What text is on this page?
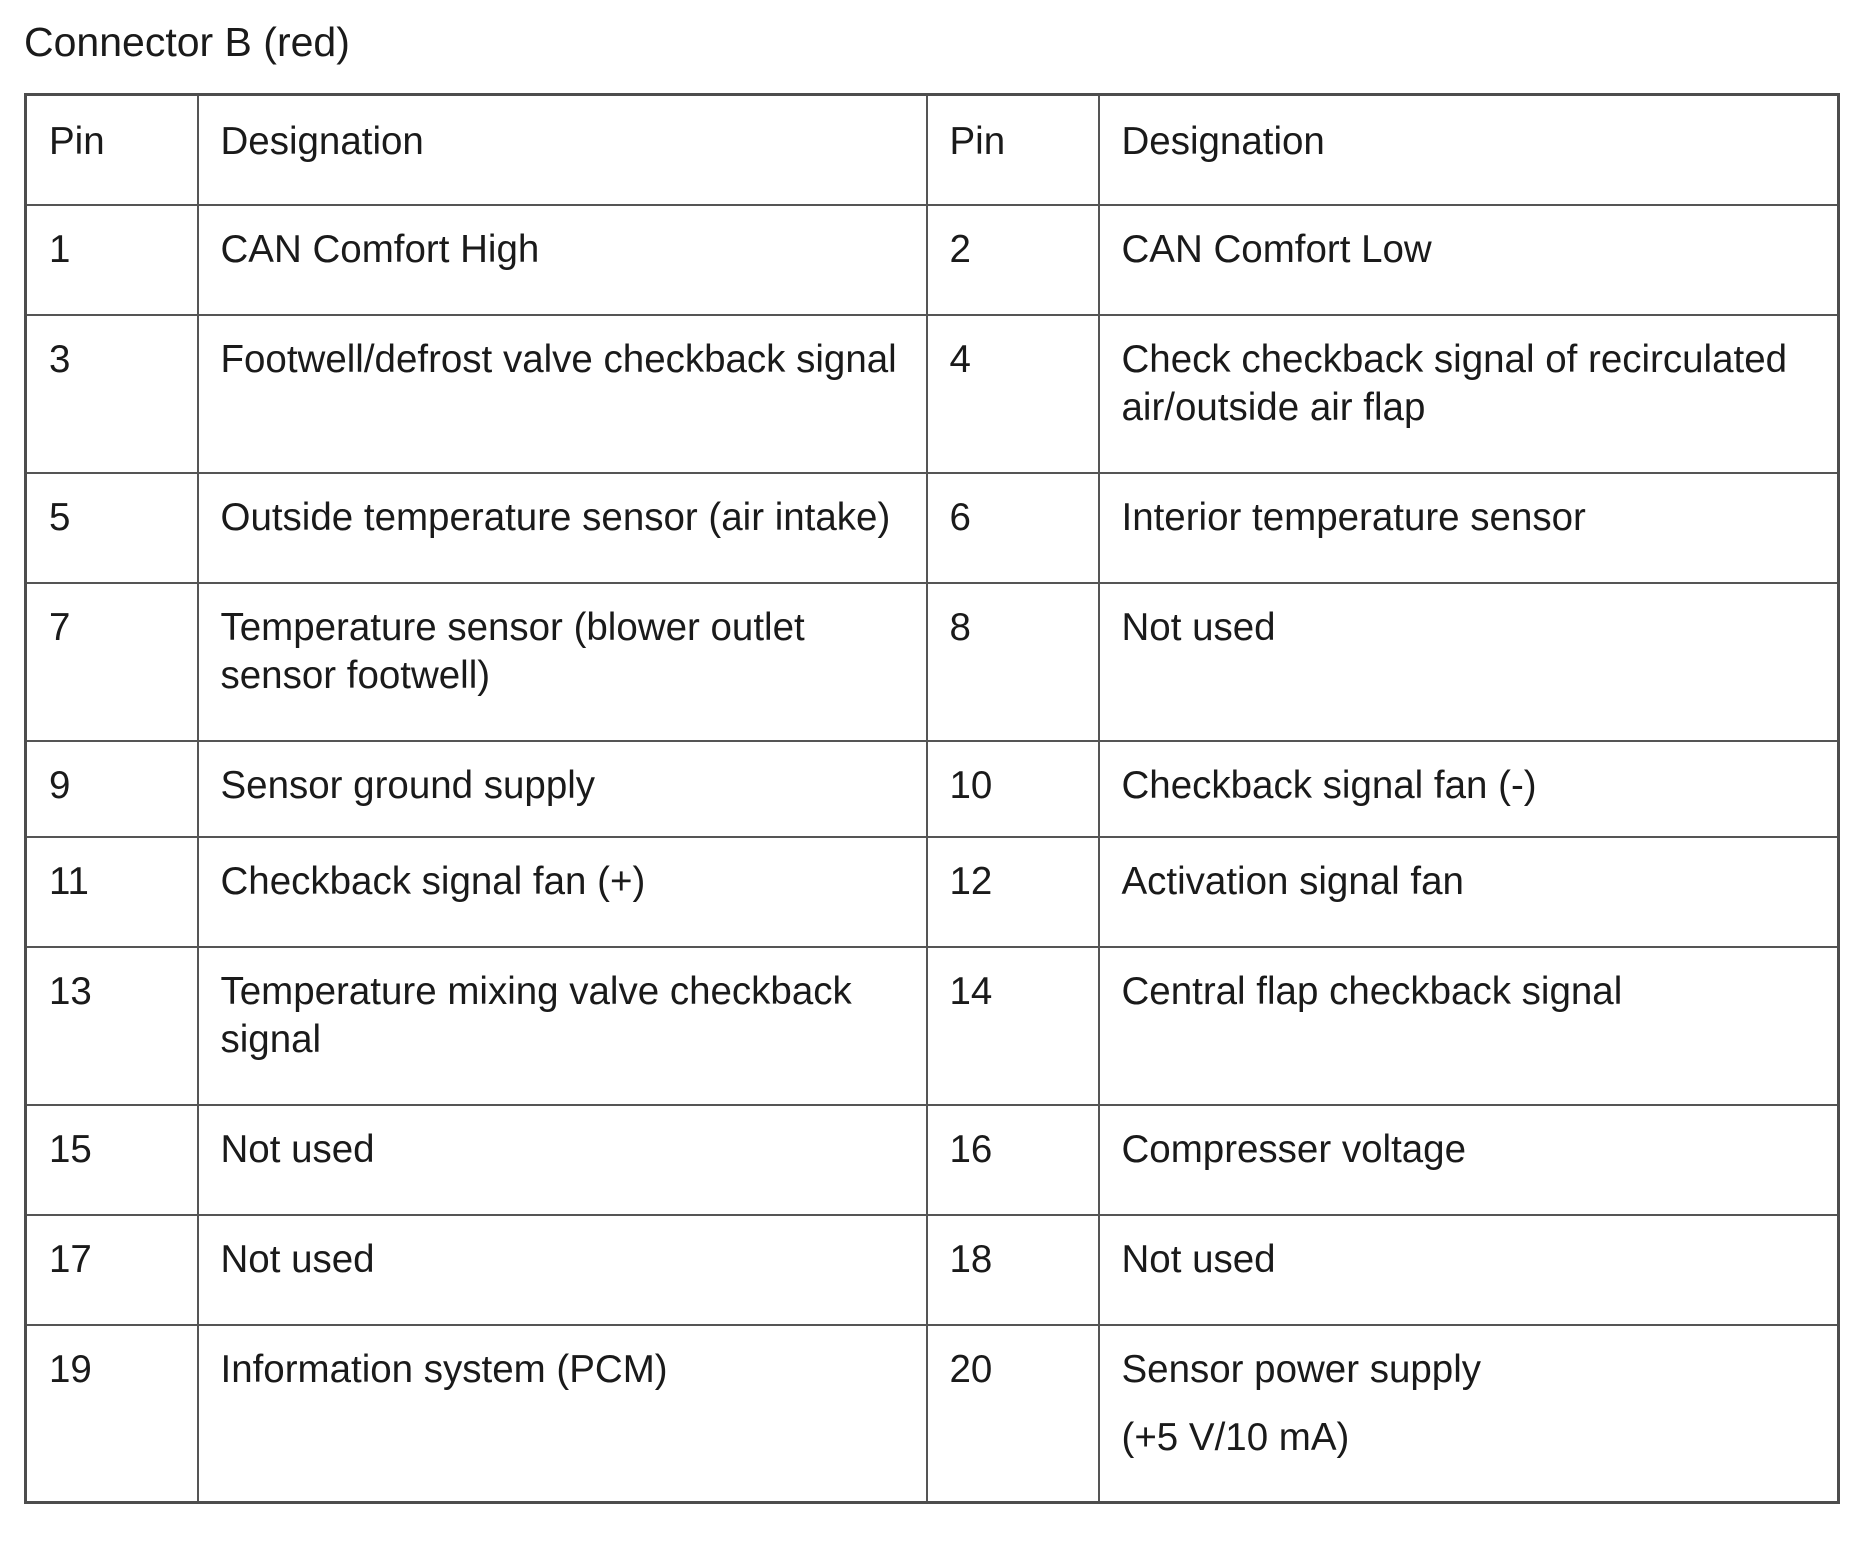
Connector B (red)
Pin	Designation	Pin	Designation
1	CAN Comfort High	2	CAN Comfort Low
3	Footwell/defrost valve checkback signal	4	Check checkback signal of recirculated air/outside air flap
5	Outside temperature sensor (air intake)	6	Interior temperature sensor
7	Temperature sensor (blower outlet sensor footwell)	8	Not used
9	Sensor ground supply	10	Checkback signal fan (-)
11	Checkback signal fan (+)	12	Activation signal fan
13	Temperature mixing valve checkback signal	14	Central flap checkback signal
15	Not used	16	Compresser voltage
17	Not used	18	Not used
19	Information system (PCM)	20	Sensor power supply
(+5 V/10 mA)
